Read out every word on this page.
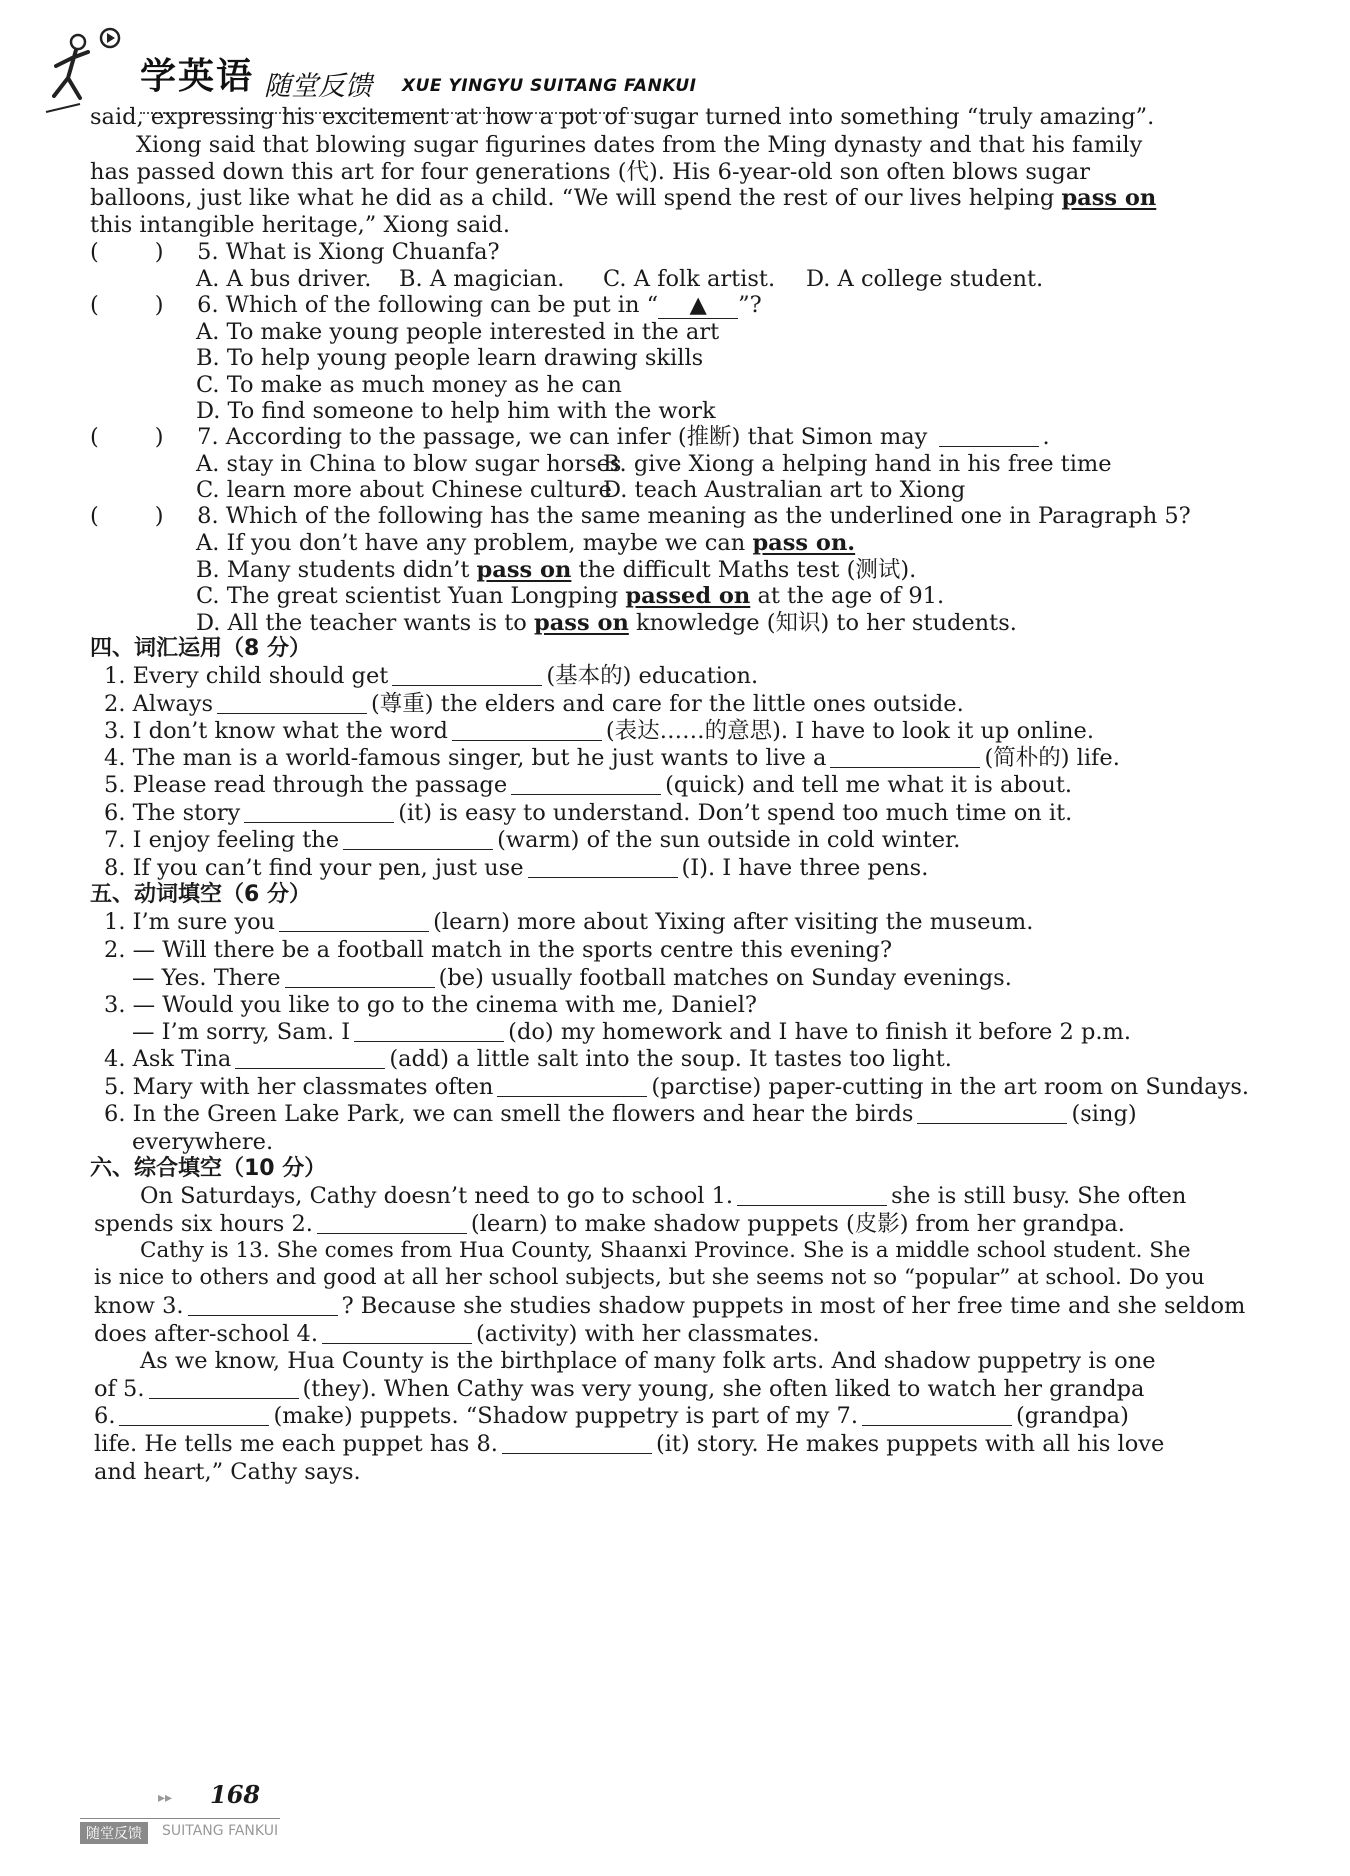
学英语 随堂反馈 XUE YINGYU SUITANG FANKUI
said, expressing his excitement at how a pot of sugar turned into something “truly amazing”.
Xiong said that blowing sugar figurines dates from the Ming dynasty and that his family
has passed down this art for four generations (代). His 6-year-old son often blows sugar
balloons, just like what he did as a child. “We will spend the rest of our lives helping pass on
this intangible heritage,” Xiong said.
( ) 5. What is Xiong Chuanfa?
A. A bus driver. B. A magician. C. A folk artist. D. A college student.
( ) 6. Which of the following can be put in “ ▲ ”?
A. To make young people interested in the art
B. To help young people learn drawing skills
C. To make as much money as he can
D. To find someone to help him with the work
( ) 7. According to the passage, we can infer (推断) that Simon may	.
A. stay in China to blow sugar horses
B. give Xiong a helping hand in his free time
C. learn more about Chinese culture
D. teach Australian art to Xiong
( ) 8. Which of the following has the same meaning as the underlined one in Paragraph 5?
A. If you don’t have any problem, maybe we can pass on.
B. Many students didn’t pass on the difficult Maths test (测试).
C. The great scientist Yuan Longping passed on at the age of 91.
D. All the teacher wants is to pass on knowledge (知识) to her students.
四、词汇运用（8 分）
1. Every child should get	(基本的) education.
2. Always	(尊重) the elders and care for the little ones outside.
3. I don’t know what the word	(表达……的意思). I have to look it up online.
4. The man is a world-famous singer, but he just wants to live a	(简朴的) life.
5. Please read through the passage	(quick) and tell me what it is about.
6. The story	(it) is easy to understand. Don’t spend too much time on it.
7. I enjoy feeling the	(warm) of the sun outside in cold winter.
8. If you can’t find your pen, just use	(I). I have three pens.
五、动词填空（6 分）
1. I’m sure you	(learn) more about Yixing after visiting the museum.
2. — Will there be a football match in the sports centre this evening?
— Yes. There	(be) usually football matches on Sunday evenings.
3. — Would you like to go to the cinema with me, Daniel?
— I’m sorry, Sam. I	(do) my homework and I have to finish it before 2 p.m.
4. Ask Tina	(add) a little salt into the soup. It tastes too light.
5. Mary with her classmates often	(parctise) paper-cutting in the art room on Sundays.
6. In the Green Lake Park, we can smell the flowers and hear the birds	(sing)
everywhere.
六、综合填空（10 分）
On Saturdays, Cathy doesn’t need to go to school 1.	she is still busy. She often
spends six hours 2.	(learn) to make shadow puppets (皮影) from her grandpa.
Cathy is 13. She comes from Hua County, Shaanxi Province. She is a middle school student. She
is nice to others and good at all her school subjects, but she seems not so “popular” at school. Do you
know 3.	? Because she studies shadow puppets in most of her free time and she seldom
does after-school 4.	(activity) with her classmates.
As we know, Hua County is the birthplace of many folk arts. And shadow puppetry is one
of 5.	(they). When Cathy was very young, she often liked to watch her grandpa
6.	(make) puppets. “Shadow puppetry is part of my 7.	(grandpa)
life. He tells me each puppet has 8.	(it) story. He makes puppets with all his love
and heart,” Cathy says.
▸▸ 168
随堂反馈	SUITANG FANKUI
